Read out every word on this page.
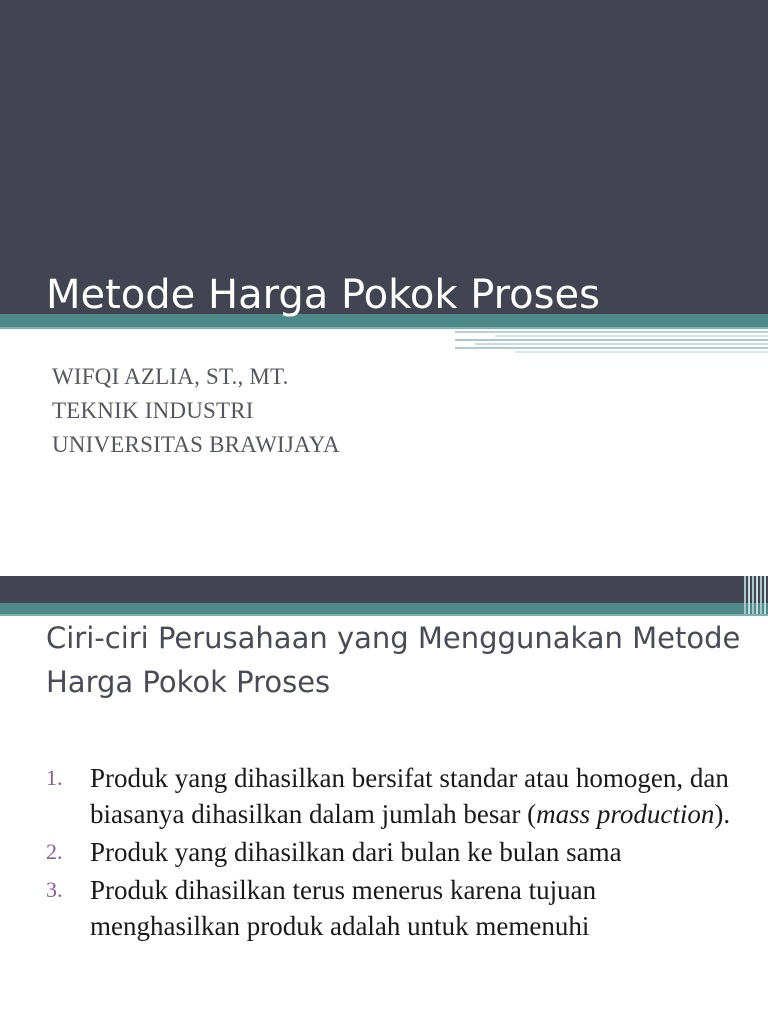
Metode Harga Pokok Proses
WIFQI AZLIA, ST., MT.
TEKNIK INDUSTRI
UNIVERSITAS BRAWIJAYA
Ciri-ciri Perusahaan yang Menggunakan Metode Harga Pokok Proses
1. Produk yang dihasilkan bersifat standar atau homogen, dan biasanya dihasilkan dalam jumlah besar (mass production).
2. Produk yang dihasilkan dari bulan ke bulan sama
3. Produk dihasilkan terus menerus karena tujuan menghasilkan produk adalah untuk memenuhi
